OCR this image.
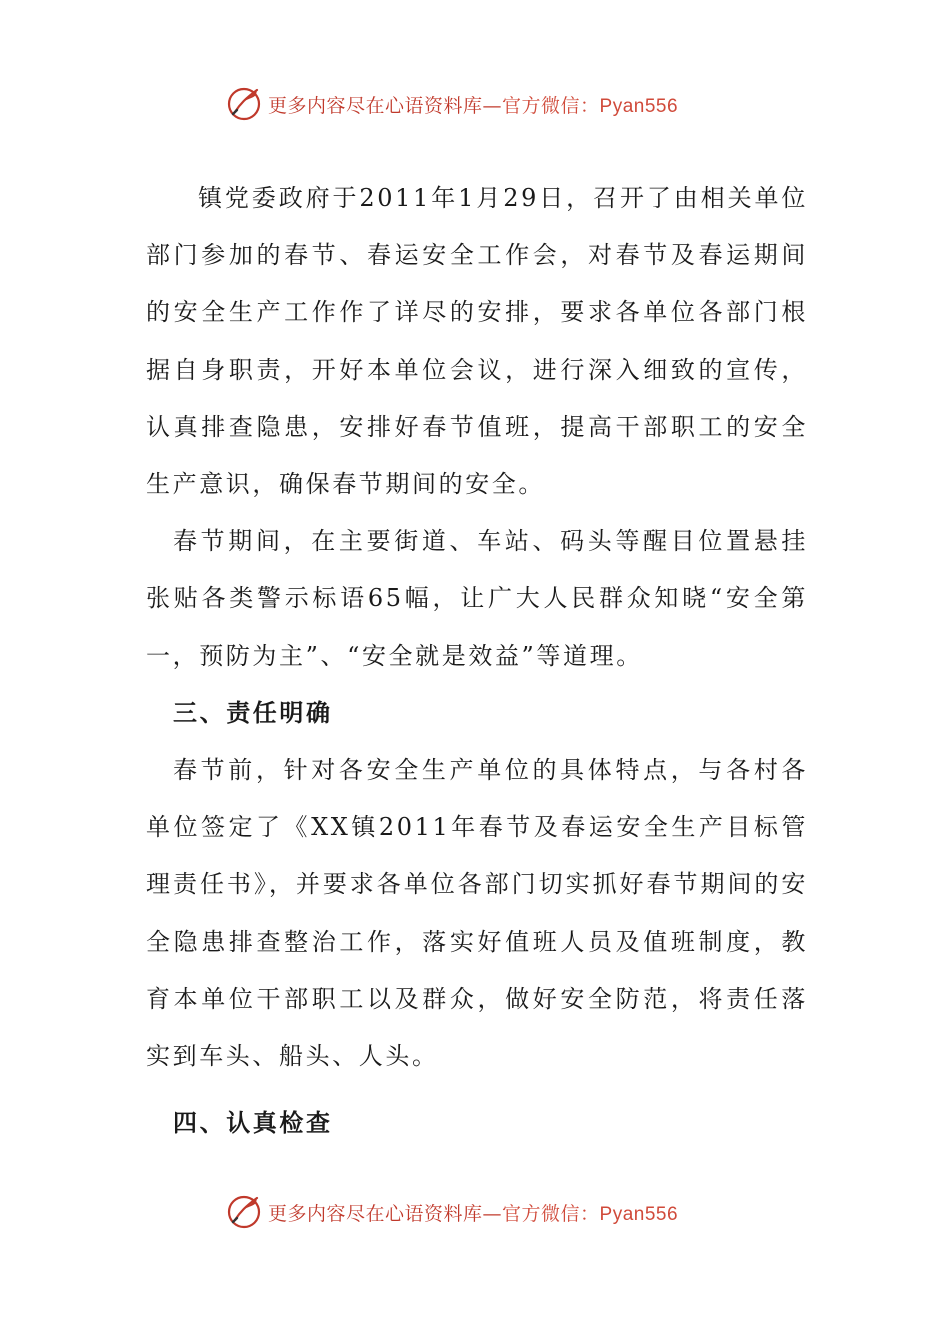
更多内容尽在心语资料库—官方微信：Pyan556

镇党委政府于2011年1月29日，召开了由相关单位部门参加的春节、春运安全工作会，对春节及春运期间的安全生产工作作了详尽的安排，要求各单位各部门根据自身职责，开好本单位会议，进行深入细致的宣传，认真排查隐患，安排好春节值班，提高干部职工的安全生产意识，确保春节期间的安全。

春节期间，在主要街道、车站、码头等醒目位置悬挂张贴各类警示标语65幅，让广大人民群众知晓“安全第一，预防为主”、“安全就是效益”等道理。

三、责任明确

春节前，针对各安全生产单位的具体特点，与各村各单位签定了《XX镇2011年春节及春运安全生产目标管理责任书》，并要求各单位各部门切实抓好春节期间的安全隐患排查整治工作，落实好值班人员及值班制度，教育本单位干部职工以及群众，做好安全防范，将责任落实到车头、船头、人头。

四、认真检查

更多内容尽在心语资料库—官方微信：Pyan556
